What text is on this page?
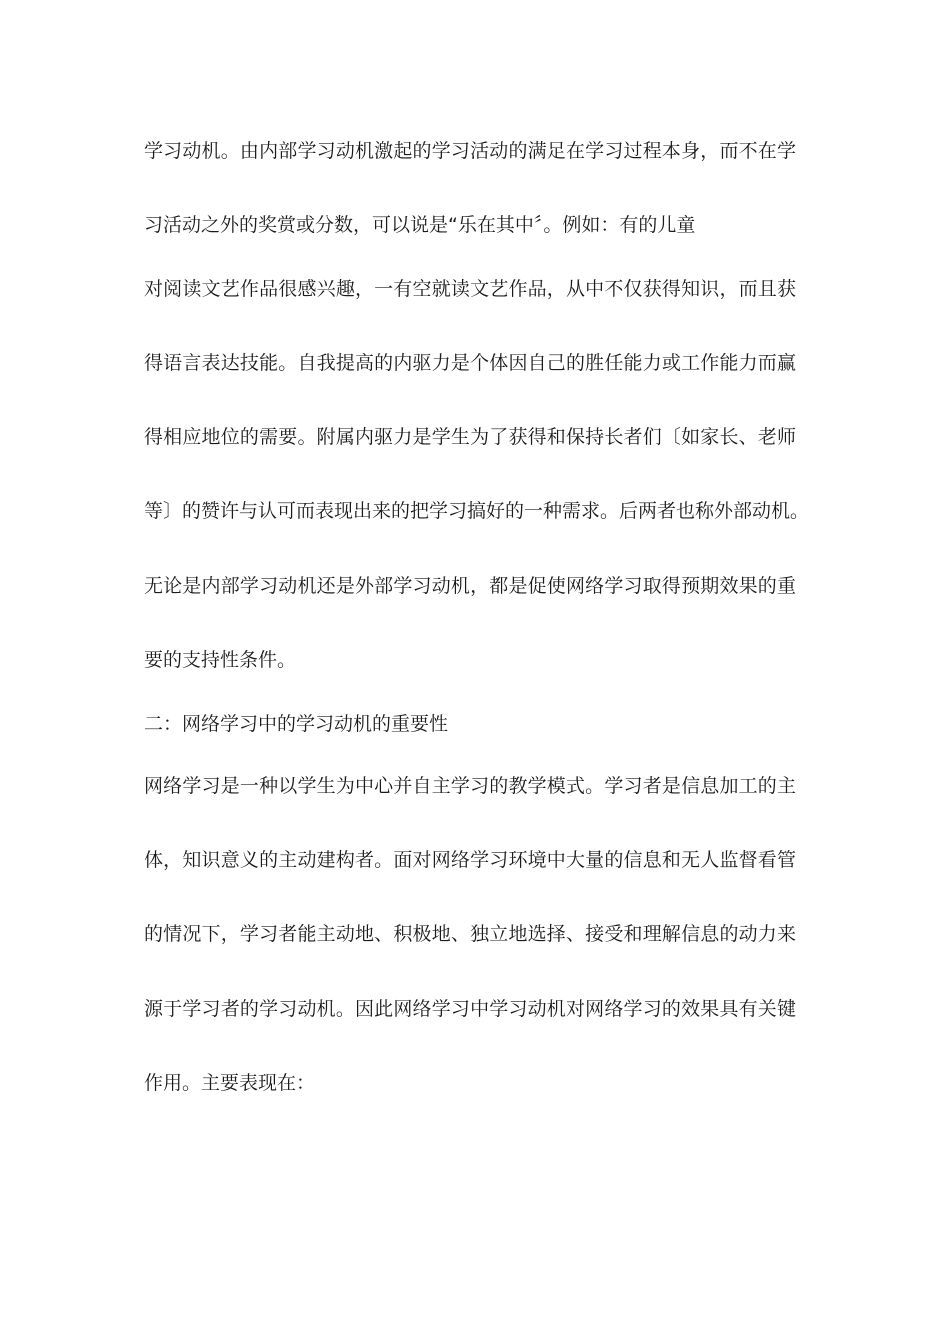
学习动机。由内部学习动机激起的学习活动的满足在学习过程本身，而不在学

习活动之外的奖赏或分数，可以说是“乐在其中〞。例如：有的儿童

对阅读文艺作品很感兴趣，一有空就读文艺作品，从中不仅获得知识，而且获

得语言表达技能。自我提高的内驱力是个体因自己的胜任能力或工作能力而赢

得相应地位的需要。附属内驱力是学生为了获得和保持长者们〔如家长、老师

等〕的赞许与认可而表现出来的把学习搞好的一种需求。后两者也称外部动机。

无论是内部学习动机还是外部学习动机，都是促使网络学习取得预期效果的重

要的支持性条件。

二：网络学习中的学习动机的重要性

网络学习是一种以学生为中心并自主学习的教学模式。学习者是信息加工的主

体，知识意义的主动建构者。面对网络学习环境中大量的信息和无人监督看管

的情况下，学习者能主动地、积极地、独立地选择、接受和理解信息的动力来

源于学习者的学习动机。因此网络学习中学习动机对网络学习的效果具有关键

作用。主要表现在：
